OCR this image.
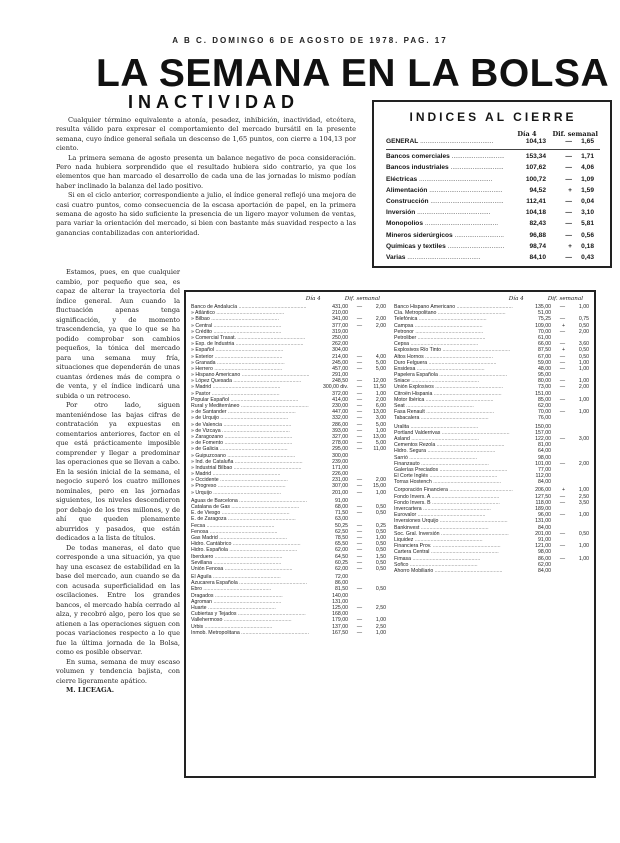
A B C. DOMINGO 6 DE AGOSTO DE 1978. PAG. 17
LA SEMANA EN LA BOLSA
INACTIVIDAD

Cualquier término equivalente a atonía, pesadez, inhibición, inactividad, etcétera, resulta válido para expresar el comportamiento del mercado bursátil en la presente semana, cuyo índice general señala un descenso de 1,65 puntos, con cierre a 104,13 por ciento.

La primera semana de agosto presenta un balance negativo de poca consideración. Pero nada hubiera sorprendido que el resultado hubiera sido contrario, ya que los elementos que han marcado el desarrollo de cada una de las jornadas lo mismo podían haber inclinado la balanza del lado positivo.

Si en el ciclo anterior, correspondiente a julio, el índice general reflejó una mejora de casi cuatro puntos, como consecuencia de la escasa aportación de papel, en la primera semana de agosto ha sido suficiente la presencia de un ligero mayor volumen de ventas, para variar la orientación del mercado, si bien con bastante más suavidad respecto a las ganancias contabilizadas con anterioridad.

INDICES AL CIERRE
Día 4 Dif. semanal
GENERAL .....	104,13	—	1,65
Bancos comerciales .....	153,34	—	1,71
Bancos industriales .....	107,62	—	4,06
Eléctricas .....	100,72	—	1,09
Alimentación .....	94,52	+	1,59
Construcción .....	112,41	—	0,04
Inversión .....	104,18	—	3,10
Monopolios .....	82,43	—	5,81
Mineros siderúrgicos .....	96,88	—	0,56
Químicas y textiles .....	98,74	+	0,18
Varias .....	84,10	—	0,43

Estamos, pues, en que cualquier cambio, por pequeño que sea, es capaz de alterar la trayectoria del índice general. Aun cuando la fluctuación apenas tenga significación, y de momento trascendencia, ya que lo que se ha podido comprobar son cambios pequeños, la tónica del mercado para una semana muy fría, situaciones que dependerán de unas cuantas órdenes más de compra o de venta, y el índice indicará una subida o un retroceso.

Por otro lado, siguen manteniéndose las bajas cifras de contratación ya expuestas en comentarios anteriores, factor en el que está prácticamente imposible comprender y llegar a predominar las operaciones que se llevan a cabo. En la sesión inicial de la semana, el negocio superó los cuatro millones nominales, pero en las jornadas siguientes, los niveles descendieron por debajo de los tres millones, y de ahí que queden plenamente aburridos y pasados, que están dedicados a la lista de títulos.

De todas maneras, el dato que corresponde a una situación, ya que hay una escasez de estabilidad en la base del mercado, aun cuando se da con acusada superficialidad en las oscilaciones. Entre los grandes bancos, el mercado había cerrado al alza, y recobró algo, pero los que se atienen a las operaciones siguen con pocas variaciones respecto a lo que fue la última jornada de la Bolsa, como es posible observar.

En suma, semana de muy escaso volumen y tendencia bajista, con cierre ligeramente apático.

M. LICEAGA.

Día 4	Dif. semanal
Banco de Andalucía .....	431,00	—	2,00
» Atlántico .....	210,00
» Bilbao .....	341,00	—	2,00
» Central .....	377,00	—	2,00
» Crédito .....	319,00
» Comercial Trasat. .....	250,00
» Exp. de Industria .....	262,00
» Español .....	304,00
» Exterior .....	214,00	—	4,00
» Granada .....	245,00	—	5,00
» Herrero .....	457,00	—	5,00
» Hispano Americano .....	291,00
» López Quesada .....	248,50	—	12,00
» Madrid .....	300,00 div.	—	11,50
» Pastor .....	372,00	—	1,00
Popular Español .....	414,00	—	2,00
Rural y Mediterráneo .....	230,00	—	6,00
» de Santander .....	447,00	—	13,00
» de Urquijo .....	332,00	—	3,00
» de Valencia .....	286,00	—	5,00
» de Vizcaya .....	393,00	—	1,00
» Zaragozano .....	327,00	—	13,00
» de Fomento .....	278,00	—	5,00
» de Galicia .....	295,00	—	11,00
» Guipuzcoano .....	300,00
» Ind. de Cataluña .....	239,00
» Industrial Bilbao .....	171,00
» Madrid .....	226,00
» Occidente .....	231,00	—	2,00
» Progreso .....	307,00	—	15,00
» Urquijo .....	201,00	—	1,00
Aguas de Barcelona .....	91,00
Catalana de Gas .....	68,00	—	0,50
E. de Viesgo .....	71,50	—	0,50
E. de Zaragoza .....	63,00
Fecsa .....	50,25	—	0,25
Fenosa .....	62,50	—	0,50
Gas Madrid .....	78,50	—	1,00
Hidro. Cantábrico .....	65,50	—	0,50
Hidro. Española .....	62,00	—	0,50
Iberduero .....	64,50	—	1,50
Sevillana .....	60,25	—	0,50
Unión Fenosa .....	62,00	—	0,50
El Águila .....	72,00
Azucarera Española .....	86,00
Ebro .....	81,50	—	0,50
Dragados .....	140,00
Agroman .....	131,00
Huarte .....	125,00	—	2,50
Cubiertas y Tejados .....	168,00
Vallehermoso .....	179,00	—	1,00
Urbis .....	137,00	—	2,50
Inmob. Metropolitana .....	167,50	—	1,00
Día 4	Dif. semanal
Banco Hispano Americano .....	135,00	—	1,00
Cía. Metropolitano .....	51,00
Telefónica .....	75,25	—	0,75
Campsa .....	109,00	+	0,50
Petronor .....	70,00	—	2,00
Petroliber .....	61,00
Cepsa .....	66,00	—	3,60
Explosivos Río Tinto .....	87,50	+	0,50
Altos Hornos .....	67,00	—	0,50
Duro Felguera .....	59,00	—	1,00
Ensidesa .....	48,00	—	1,00
Papelera Española .....	95,00
Sniace .....	80,00	—	1,00
Unión Explosivos .....	73,00	—	2,00
Citroën Hispania .....	151,00
Motor Ibérica .....	85,00	—	1,00
Seat .....	62,00
Fasa Renault .....	70,00	—	1,00
Tabacalera .....	76,00
Uralita .....	150,00
Portland Valderrivas .....	157,00
Asland .....	122,00	—	3,00
Cementos Rezola .....	81,00
Hidro. Segura .....	64,00
Sarrió .....	98,00
Finanzauto .....	101,00	—	2,00
Galerías Preciados .....	77,00
El Corte Inglés .....	112,00
Torras Hostench .....	84,00
Corporación Financiera .....	206,00	+	1,00
Fondo Invers. A .....	127,50	—	2,50
Fondo Invers. B .....	118,00	—	3,50
Invercartera .....	189,00
Eurovalor .....	96,00	—	1,00
Inversiones Urquijo .....	131,00
Bankinvest .....	84,00
Soc. Gral. Inversión .....	201,00	—	0,50
Liquidez .....	91,00
Financiera Prov. .....	121,00	—	1,00
Cartera Central .....	98,00
Fimasa .....	86,00	—	1,00
Sofico .....	62,00
Ahorro Mobiliario .....	84,00
